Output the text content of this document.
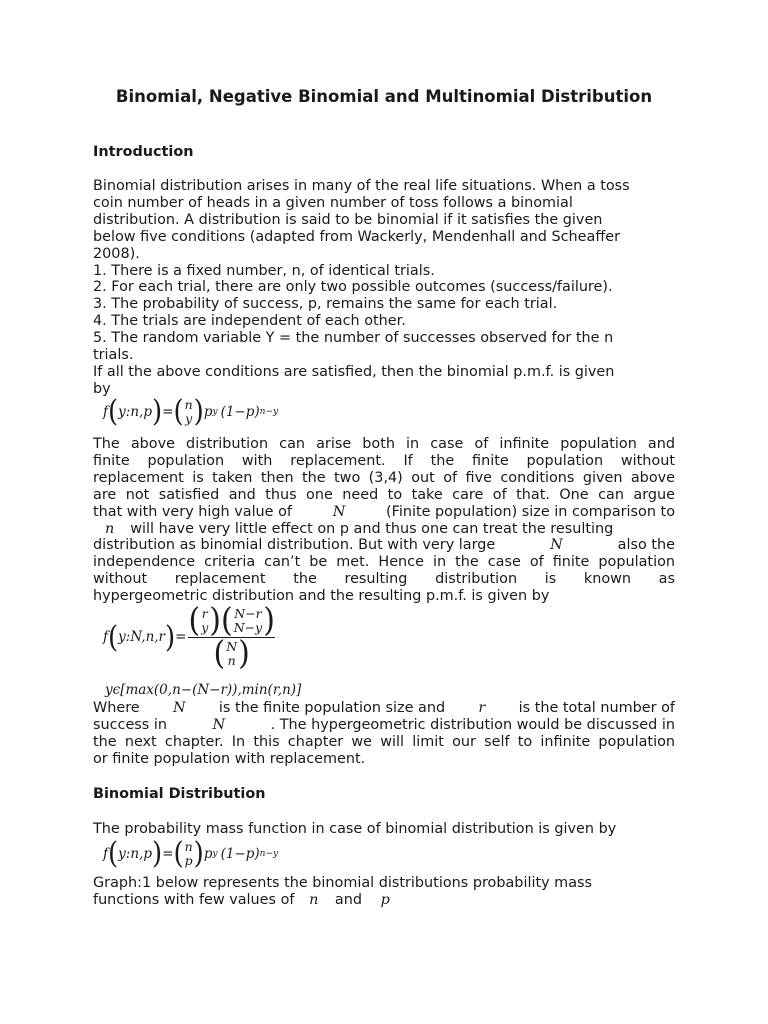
Binomial, Negative Binomial and Multinomial Distribution
Introduction
Binomial distribution arises in many of the real life situations. When a toss
coin number of heads in a given number of toss follows a binomial
distribution. A distribution is said to be binomial if it satisfies the given
below five conditions (adapted from Wackerly, Mendenhall and Scheaffer
2008).
1. There is a fixed number, n, of identical trials.
2. For each trial, there are only two possible outcomes (success/failure).
3. The probability of success, p, remains the same for each trial.
4. The trials are independent of each other.
5. The random variable Y = the number of successes observed for the n
trials.
If all the above conditions are satisfied, then the binomial p.m.f. is given
by
f ( y:n,p ) = ( n
y ) p y (1−p) n−y
The above distribution can arise both in case of infinite population and
finite population with replacement. If the finite population without
replacement is taken then the two (3,4) out of five conditions given above
are not satisfied and thus one need to take care of that. One can argue
that with very high value of	N	(Finite population) size in comparison to
n will have very little effect on p and thus one can treat the resulting
distribution as binomial distribution. But with very large	N	also the
independence criteria can’t be met. Hence in the case of finite population
without replacement the resulting distribution is known as
hypergeometric distribution and the resulting p.m.f. is given by
f ( y:N,n,r ) = ( r
y ) ( N−r
N−y )
( N
n )
yϵ[max(0,n−(N−r)),min(r,n)]
Where N is the finite population size and r is the total number of
success in	N	. The hypergeometric distribution would be discussed in
the next chapter. In this chapter we will limit our self to infinite population
or finite population with replacement.
Binomial Distribution
The probability mass function in case of binomial distribution is given by
f ( y:n,p ) = ( n
p ) p y (1−p) n−y
Graph:1 below represents the binomial distributions probability mass
functions with few values of n and p
